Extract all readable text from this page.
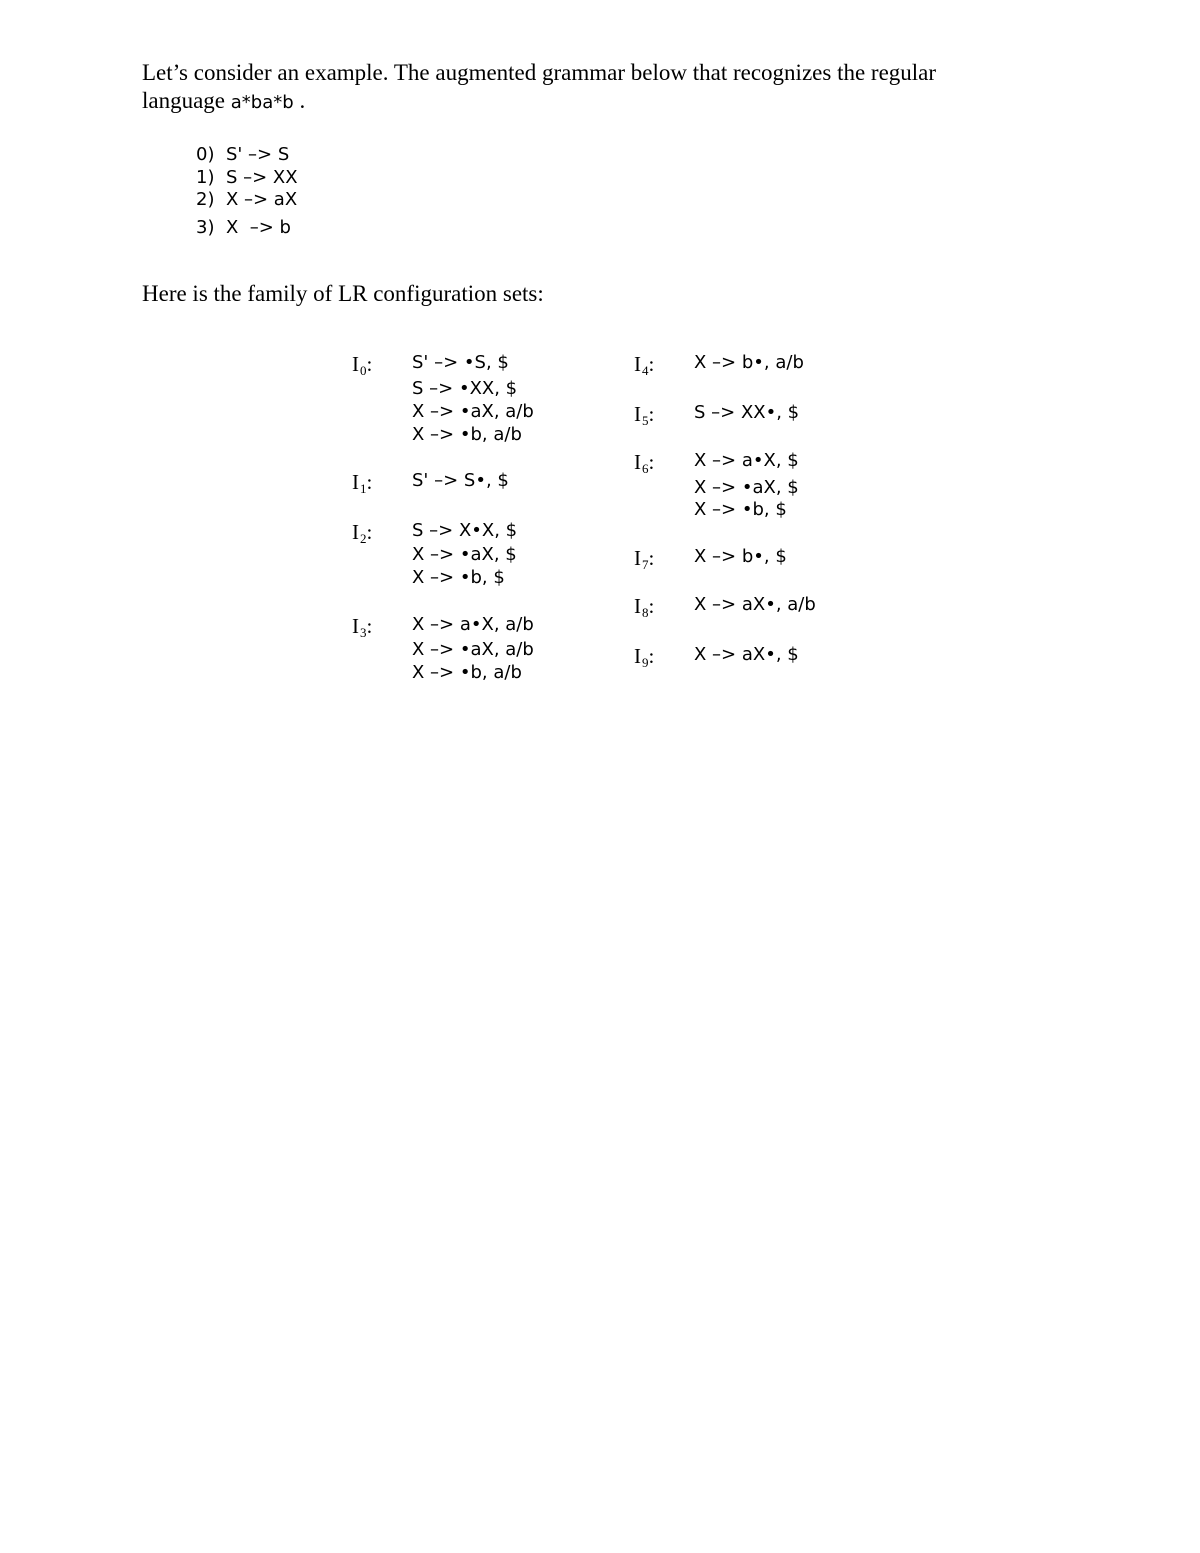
Let’s consider an example. The augmented grammar below that recognizes the regular
language a*ba*b .
0) S' –> S
1) S –> XX
2) X –> aX
3) X  –> b
Here is the family of LR configuration sets:
$I_0$: S' –> •S, $
S –> •XX, $
X –> •aX, a/b
X –> •b, a/b
$I_1$: S' –> S•, $
$I_2$: S –> X•X, $
X –> •aX, $
X –> •b, $
$I_3$: X –> a•X, a/b
X –> •aX, a/b
X –> •b, a/b
$I_4$: X –> b•, a/b
$I_5$: S –> XX•, $
$I_6$: X –> a•X, $
X –> •aX, $
X –> •b, $
$I_7$: X –> b•, $
$I_8$: X –> aX•, a/b
$I_9$: X –> aX•, $
